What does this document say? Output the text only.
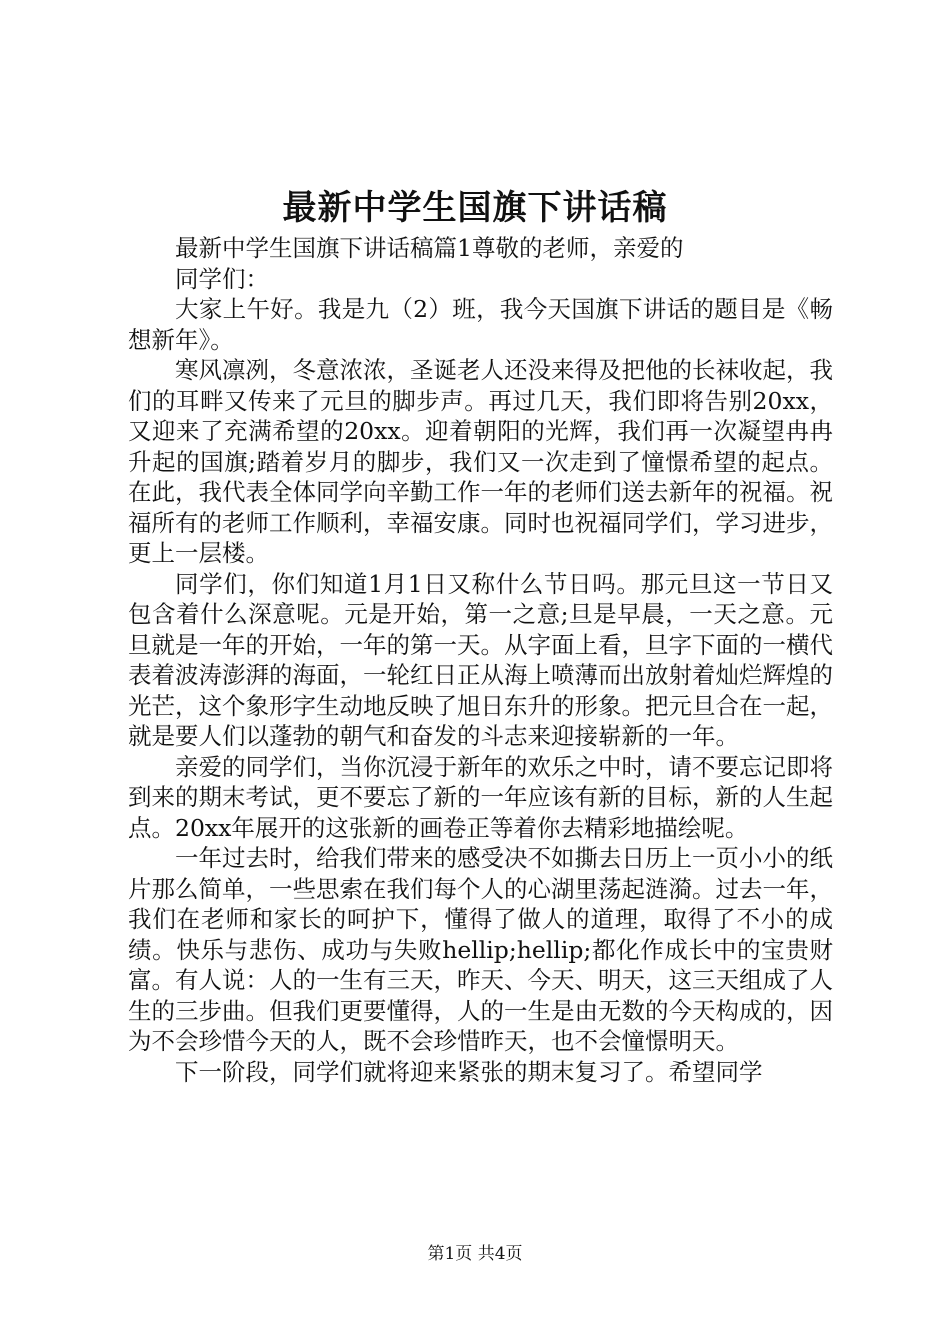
最新中学生国旗下讲话稿

最新中学生国旗下讲话稿篇1尊敬的老师，亲爱的

同学们：

大家上午好。我是九（2）班，我今天国旗下讲话的题目是《畅想新年》。

寒风凛冽，冬意浓浓，圣诞老人还没来得及把他的长袜收起，我们的耳畔又传来了元旦的脚步声。再过几天，我们即将告别20xx，又迎来了充满希望的20xx。迎着朝阳的光辉，我们再一次凝望冉冉升起的国旗;踏着岁月的脚步，我们又一次走到了憧憬希望的起点。在此，我代表全体同学向辛勤工作一年的老师们送去新年的祝福。祝福所有的老师工作顺利，幸福安康。同时也祝福同学们，学习进步，更上一层楼。

同学们，你们知道1月1日又称什么节日吗。那元旦这一节日又包含着什么深意呢。元是开始，第一之意;旦是早晨，一天之意。元旦就是一年的开始，一年的第一天。从字面上看，旦字下面的一横代表着波涛澎湃的海面，一轮红日正从海上喷薄而出放射着灿烂辉煌的光芒，这个象形字生动地反映了旭日东升的形象。把元旦合在一起，就是要人们以蓬勃的朝气和奋发的斗志来迎接崭新的一年。

亲爱的同学们，当你沉浸于新年的欢乐之中时，请不要忘记即将到来的期末考试，更不要忘了新的一年应该有新的目标，新的人生起点。20xx年展开的这张新的画卷正等着你去精彩地描绘呢。

一年过去时，给我们带来的感受决不如撕去日历上一页小小的纸片那么简单，一些思索在我们每个人的心湖里荡起涟漪。过去一年，我们在老师和家长的呵护下，懂得了做人的道理，取得了不小的成绩。快乐与悲伤、成功与失败hellip;hellip;都化作成长中的宝贵财富。有人说：人的一生有三天，昨天、今天、明天，这三天组成了人生的三步曲。但我们更要懂得，人的一生是由无数的今天构成的，因为不会珍惜今天的人，既不会珍惜昨天，也不会憧憬明天。

下一阶段，同学们就将迎来紧张的期末复习了。希望同学

第1页 共4页
